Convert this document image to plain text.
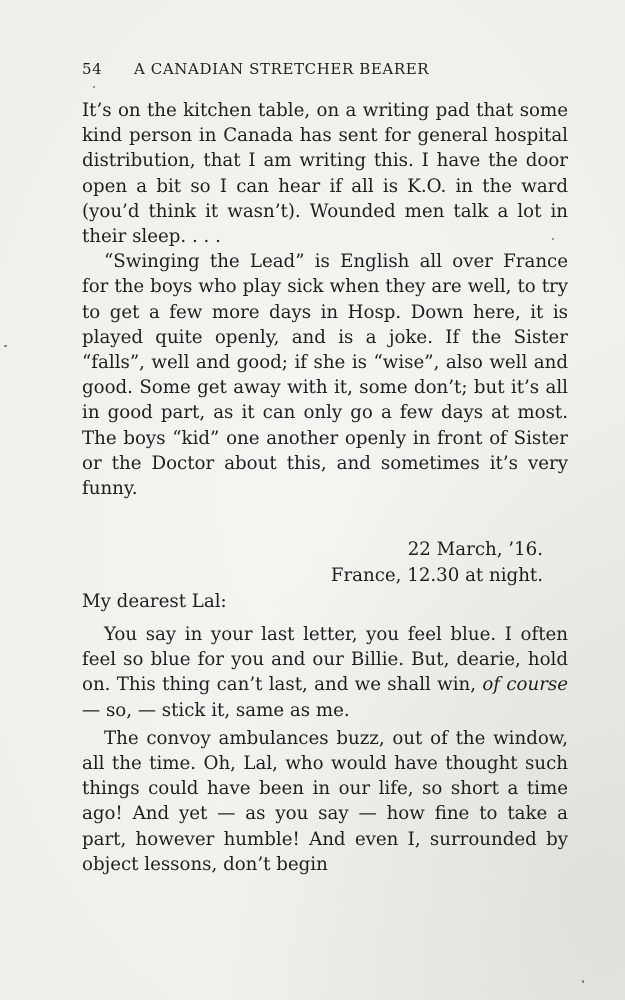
54 A CANADIAN STRETCHER BEARER

It’s on the kitchen table, on a writing pad that some kind person in Canada has sent for general hospital distribution, that I am writing this. I have the door open a bit so I can hear if all is K.O. in the ward (you’d think it wasn’t). Wounded men talk a lot in their sleep. . . .

“Swinging the Lead” is English all over France for the boys who play sick when they are well, to try to get a few more days in Hosp. Down here, it is played quite openly, and is a joke. If the Sister “falls”, well and good; if she is “wise”, also well and good. Some get away with it, some don’t; but it’s all in good part, as it can only go a few days at most. The boys “kid” one another openly in front of Sister or the Doctor about this, and sometimes it’s very funny.

22 March, ’16.
France, 12.30 at night.
My dearest Lal:

You say in your last letter, you feel blue. I often feel so blue for you and our Billie. But, dearie, hold on. This thing can’t last, and we shall win, of course — so, — stick it, same as me.

The convoy ambulances buzz, out of the window, all the time. Oh, Lal, who would have thought such things could have been in our life, so short a time ago! And yet — as you say — how fine to take a part, however humble! And even I, surrounded by object lessons, don’t begin
